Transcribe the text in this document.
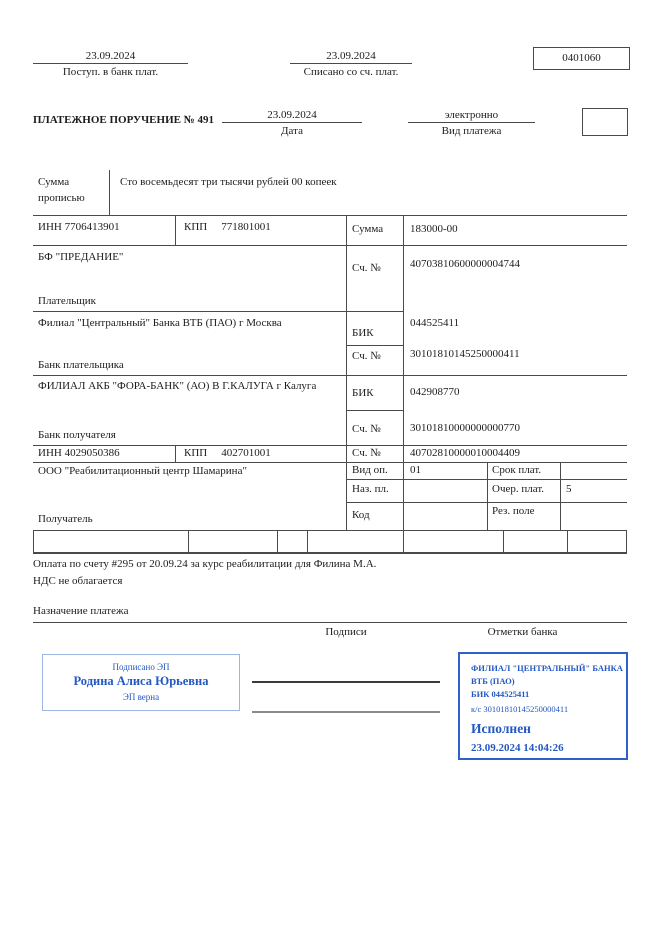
23.09.2024
Поступ. в банк плат.
23.09.2024
Списано со сч. плат.
0401060
ПЛАТЕЖНОЕ ПОРУЧЕНИЕ № 491	23.09.2024
Дата
электронно
Вид платежа
Сумма прописью
Сто восемьдесят три тысячи рублей 00 копеек
ИНН 7706413901	КПП 771801001	Сумма 183000-00
БФ "ПРЕДАНИЕ"
Плательщик
Сч. №	40703810600000004744
Филиал "Центральный" Банка ВТБ (ПАО) г Москва
Банк плательщика
БИК
044525411
Сч. №	30101810145250000411
ФИЛИАЛ АКБ "ФОРА-БАНК" (АО) В Г.КАЛУГА г Калуга
Банк получателя
БИК	042908770
Сч. №	30101810000000000770
ИНН 4029050386	КПП 402701001	Сч. №	40702810000010004409
ООО "Реабилитационный центр Шамарина"
Получатель
Вид оп. 01	Срок плат.
Наз. пл.	Очер. плат. 5
Код	Рез. поле
Оплата по счету #295 от 20.09.24 за курс реабилитации для Филина М.А.
НДС не облагается
Назначение платежа
Подписи	Отметки банка
Подписано ЭП
Родина Алиса Юрьевна
ЭП верна
ФИЛИАЛ "ЦЕНТРАЛЬНЫЙ" БАНКА
ВТБ (ПАО)
БИК 044525411
к/с 30101810145250000411
Исполнен
23.09.2024 14:04:26
